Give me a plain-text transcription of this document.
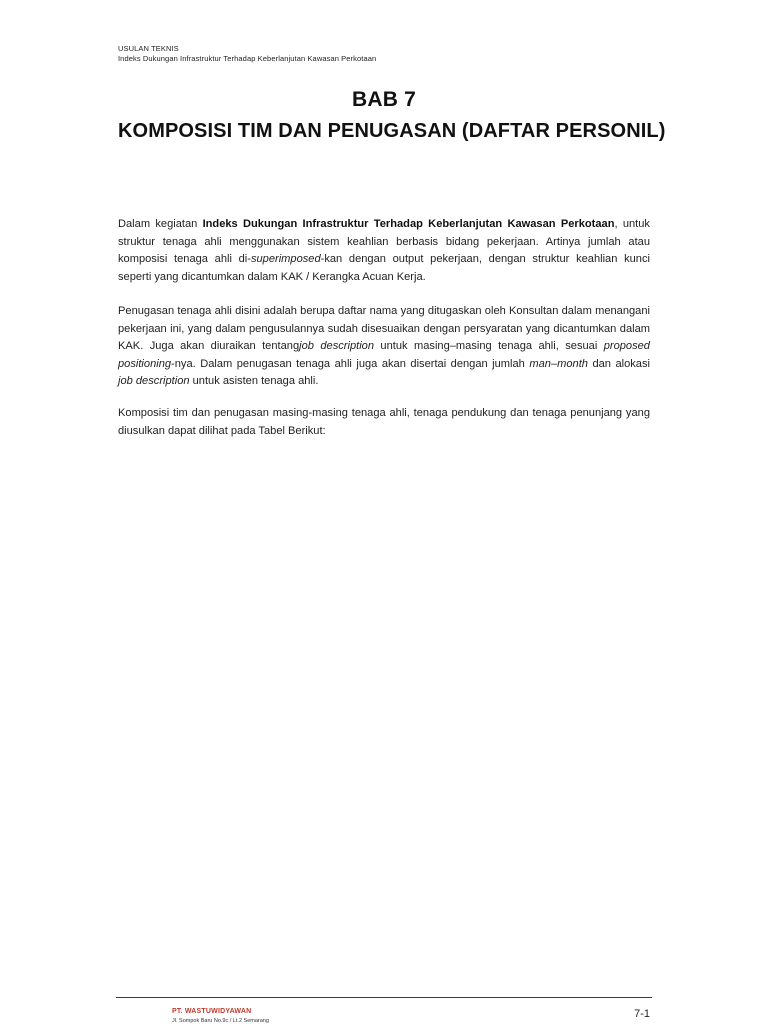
USULAN TEKNIS
Indeks Dukungan Infrastruktur Terhadap Keberlanjutan Kawasan Perkotaan
BAB 7
KOMPOSISI TIM DAN PENUGASAN (DAFTAR PERSONIL)
Dalam kegiatan Indeks Dukungan Infrastruktur Terhadap Keberlanjutan Kawasan Perkotaan, untuk struktur tenaga ahli menggunakan sistem keahlian berbasis bidang pekerjaan. Artinya jumlah atau komposisi tenaga ahli di-superimposed-kan dengan output pekerjaan, dengan struktur keahlian kunci seperti yang dicantumkan dalam KAK / Kerangka Acuan Kerja.
Penugasan tenaga ahli disini adalah berupa daftar nama yang ditugaskan oleh Konsultan dalam menangani pekerjaan ini, yang dalam pengusulannya sudah disesuaikan dengan persyaratan yang dicantumkan dalam KAK. Juga akan diuraikan tentangjob description untuk masing–masing tenaga ahli, sesuai proposed positioning-nya. Dalam penugasan tenaga ahli juga akan disertai dengan jumlah man–month dan alokasi job description untuk asisten tenaga ahli.
Komposisi tim dan penugasan masing-masing tenaga ahli, tenaga pendukung dan tenaga penunjang yang diusulkan dapat dilihat pada Tabel Berikut:
PT. WASTUWIDYAWAN
Jl. Sompok Baru No.9c / Lt.2 Semarang
7-1
